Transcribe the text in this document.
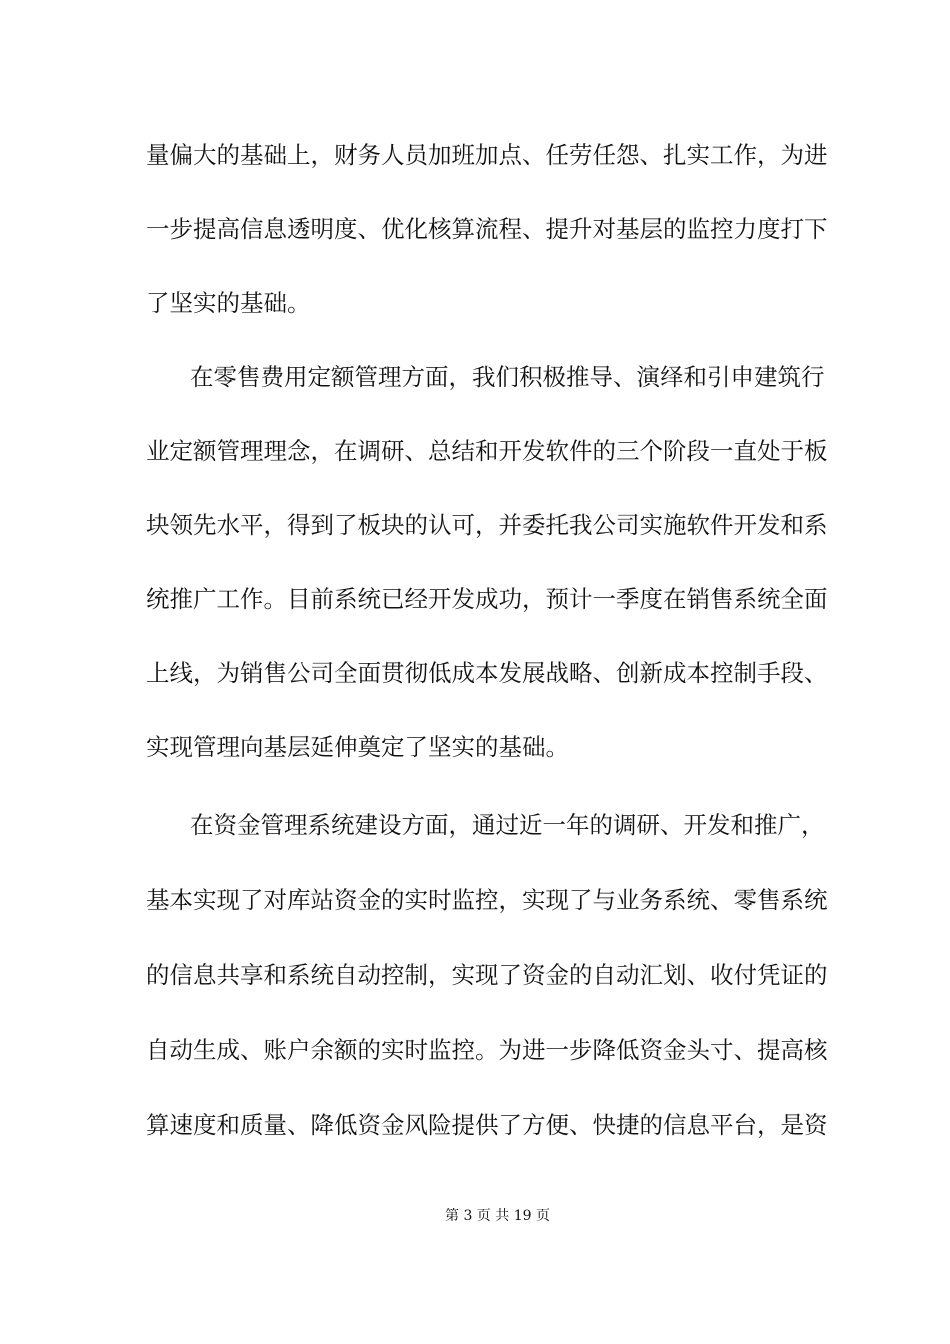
量偏大的基础上，财务人员加班加点、任劳任怨、扎实工作，为进
一步提高信息透明度、优化核算流程、提升对基层的监控力度打下
了坚实的基础。
在零售费用定额管理方面，我们积极推导、演绎和引申建筑行
业定额管理理念，在调研、总结和开发软件的三个阶段一直处于板
块领先水平，得到了板块的认可，并委托我公司实施软件开发和系
统推广工作。目前系统已经开发成功，预计一季度在销售系统全面
上线，为销售公司全面贯彻低成本发展战略、创新成本控制手段、
实现管理向基层延伸奠定了坚实的基础。
在资金管理系统建设方面，通过近一年的调研、开发和推广，
基本实现了对库站资金的实时监控，实现了与业务系统、零售系统
的信息共享和系统自动控制，实现了资金的自动汇划、收付凭证的
自动生成、账户余额的实时监控。为进一步降低资金头寸、提高核
算速度和质量、降低资金风险提供了方便、快捷的信息平台，是资
第 3 页 共 19 页
